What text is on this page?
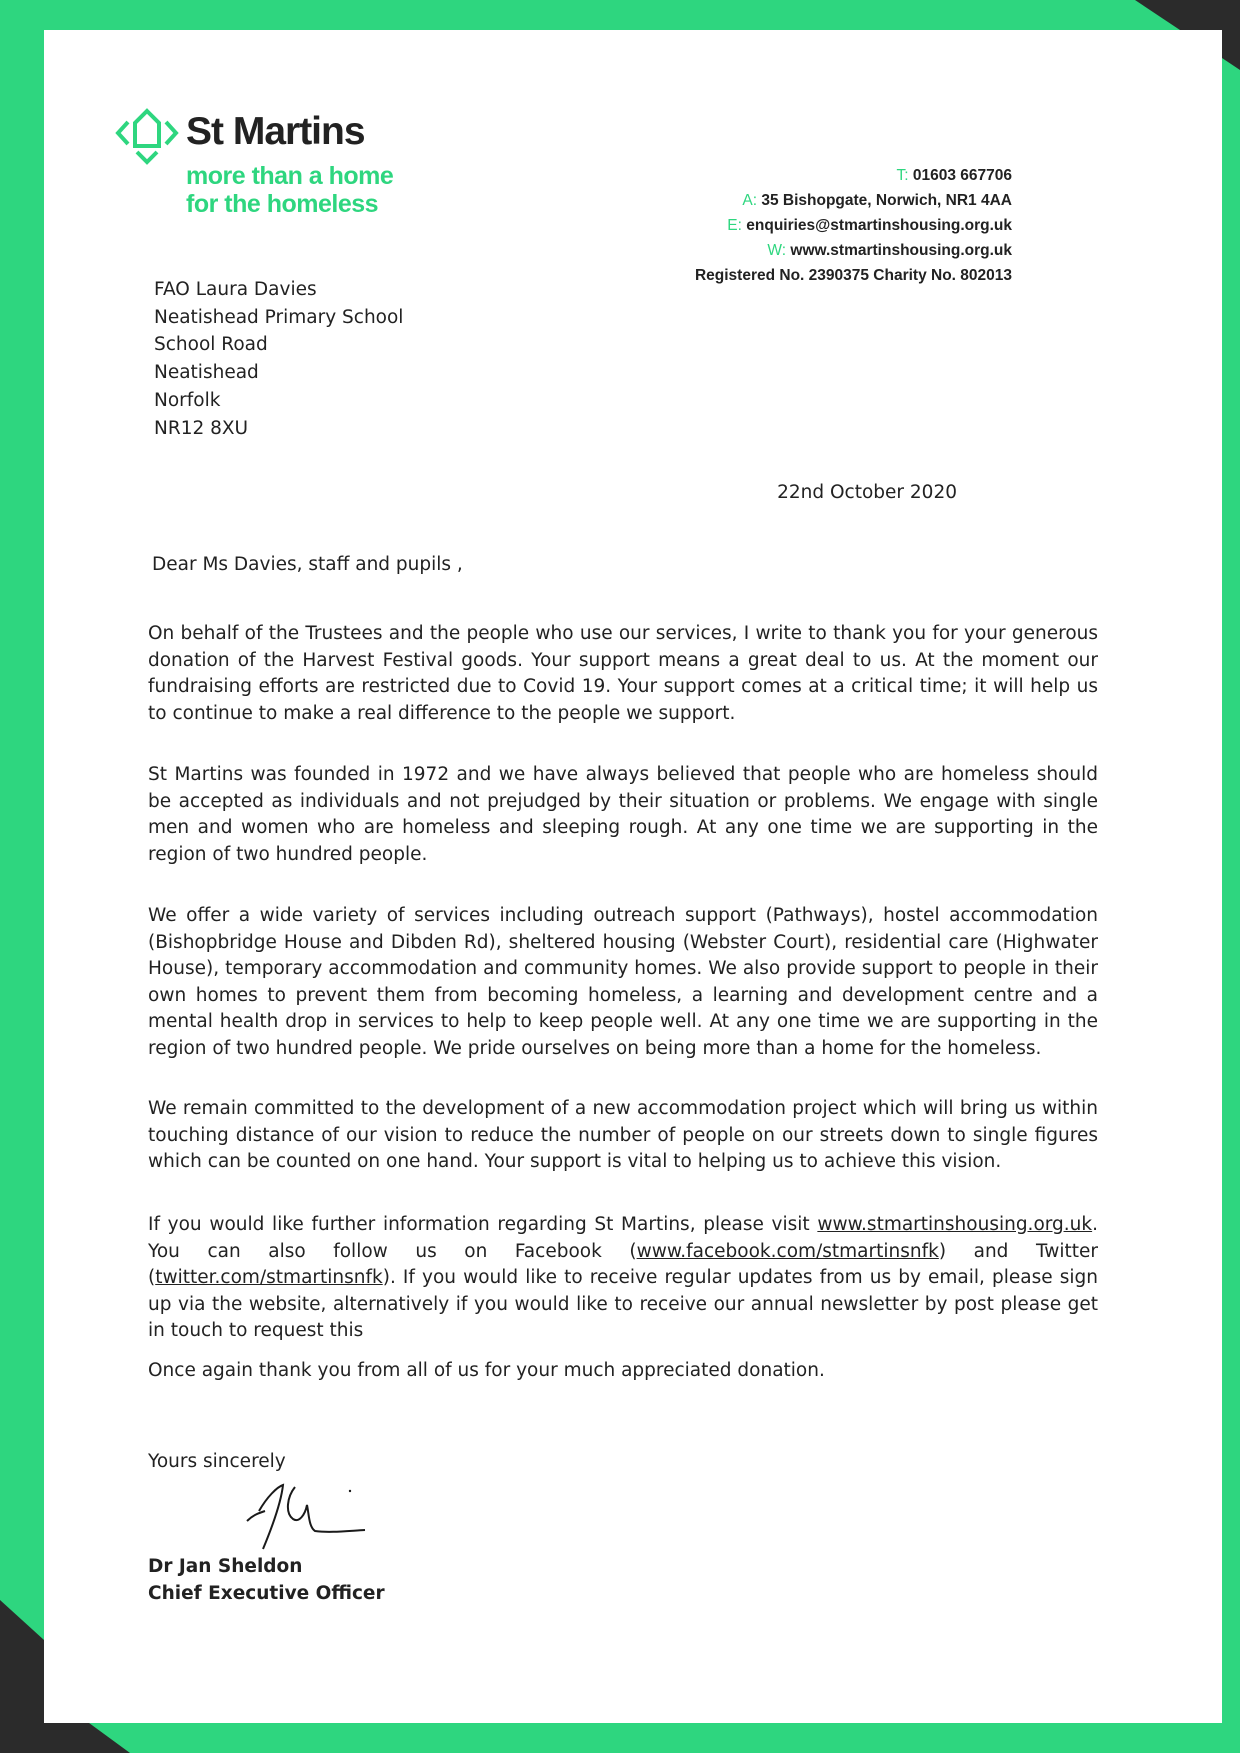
St Martins
more than a home
for the homeless
T: 01603 667706
A: 35 Bishopgate, Norwich, NR1 4AA
E: enquiries@stmartinshousing.org.uk
W: www.stmartinshousing.org.uk
Registered No. 2390375 Charity No. 802013
FAO Laura Davies
Neatishead Primary School
School Road
Neatishead
Norfolk
NR12 8XU
22nd October 2020
Dear Ms Davies, staff and pupils ,

On behalf of the Trustees and the people who use our services, I write to thank you for your generous donation of the Harvest Festival goods. Your support means a great deal to us. At the moment our fundraising efforts are restricted due to Covid 19. Your support comes at a critical time; it will help us to continue to make a real difference to the people we support.

St Martins was founded in 1972 and we have always believed that people who are homeless should be accepted as individuals and not prejudged by their situation or problems. We engage with single men and women who are homeless and sleeping rough. At any one time we are supporting in the region of two hundred people.

We offer a wide variety of services including outreach support (Pathways), hostel accommodation (Bishopbridge House and Dibden Rd), sheltered housing (Webster Court), residential care (Highwater House), temporary accommodation and community homes. We also provide support to people in their own homes to prevent them from becoming homeless, a learning and development centre and a mental health drop in services to help to keep people well. At any one time we are supporting in the region of two hundred people. We pride ourselves on being more than a home for the homeless.

We remain committed to the development of a new accommodation project which will bring us within touching distance of our vision to reduce the number of people on our streets down to single figures which can be counted on one hand. Your support is vital to helping us to achieve this vision.

If you would like further information regarding St Martins, please visit www.stmartinshousing.org.uk. You can also follow us on Facebook (www.facebook.com/stmartinsnfk) and Twitter (twitter.com/stmartinsnfk). If you would like to receive regular updates from us by email, please sign up via the website, alternatively if you would like to receive our annual newsletter by post please get in touch to request this

Once again thank you from all of us for your much appreciated donation.

Yours sincerely
Dr Jan Sheldon
Chief Executive Officer
